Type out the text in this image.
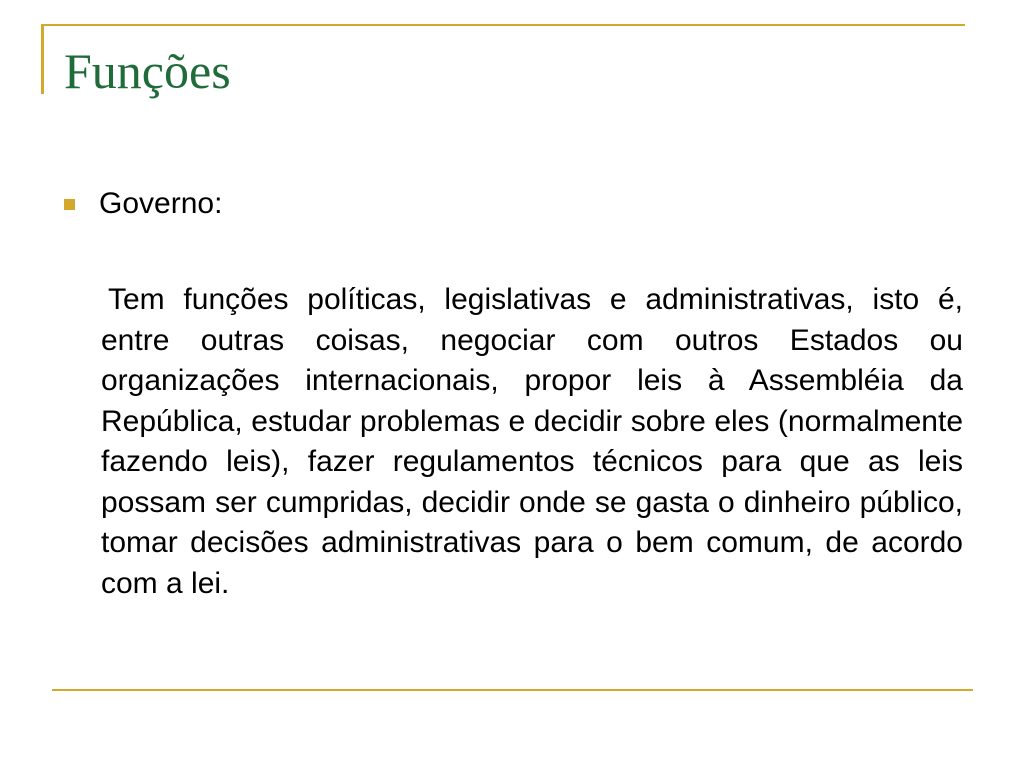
Funções
Governo:

Tem funções políticas, legislativas e administrativas, isto é, entre outras coisas, negociar com outros Estados ou organizações internacionais, propor leis à Assembléia da República, estudar problemas e decidir sobre eles (normalmente fazendo leis), fazer regulamentos técnicos para que as leis possam ser cumpridas, decidir onde se gasta o dinheiro público, tomar decisões administrativas para o bem comum, de acordo com a lei.
